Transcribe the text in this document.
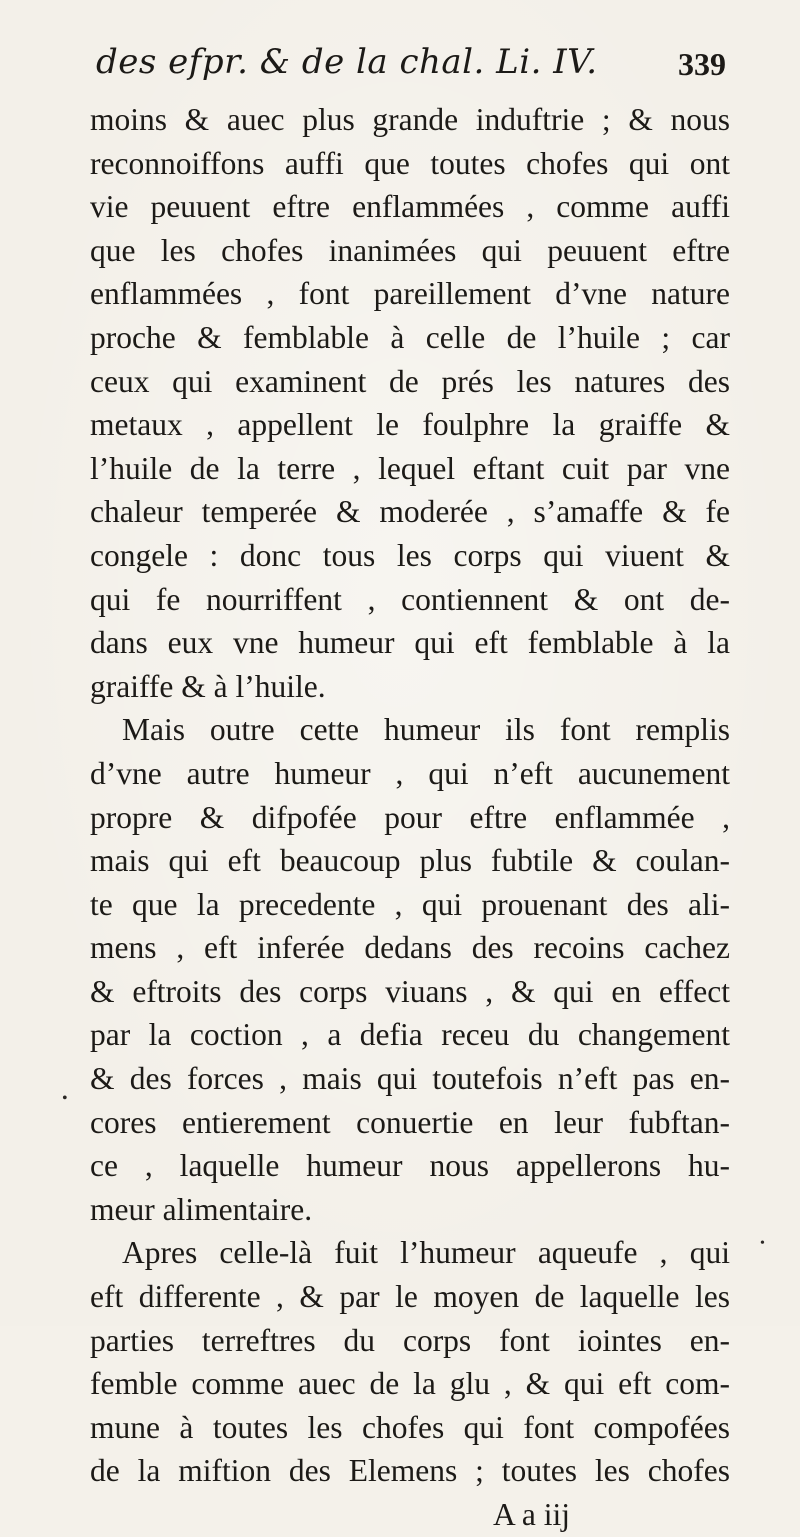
des efpr. & de la chal. Li. IV.	339
moins & auec plus grande induftrie ; & nous
reconnoiffons auffi que toutes chofes qui ont
vie peuuent eftre enflammées , comme auffi
que les chofes inanimées qui peuuent eftre
enflammées , font pareillement d’vne nature
proche & femblable à celle de l’huile ; car
ceux qui examinent de prés les natures des
metaux , appellent le foulphre la graiffe &
l’huile de la terre , lequel eftant cuit par vne
chaleur temperée & moderée , s’amaffe & fe
congele : donc tous les corps qui viuent &
qui fe nourriffent , contiennent & ont de-
dans eux vne humeur qui eft femblable à la
graiffe & à l’huile.
Mais outre cette humeur ils font remplis
d’vne autre humeur , qui n’eft aucunement
propre & difpofée pour eftre enflammée ,
mais qui eft beaucoup plus fubtile & coulan-
te que la precedente , qui prouenant des ali-
mens , eft inferée dedans des recoins cachez
& eftroits des corps viuans , & qui en effect
par la coction , a defia receu du changement
& des forces , mais qui toutefois n’eft pas en-
cores entierement conuertie en leur fubftan-
ce , laquelle humeur nous appellerons hu-
meur alimentaire.
Apres celle-là fuit l’humeur aqueufe , qui
eft differente , & par le moyen de laquelle les
parties terreftres du corps font iointes en-
femble comme auec de la glu , & qui eft com-
mune à toutes les chofes qui font compofées
de la miftion des Elemens ; toutes les chofes
A a iij
•
•
